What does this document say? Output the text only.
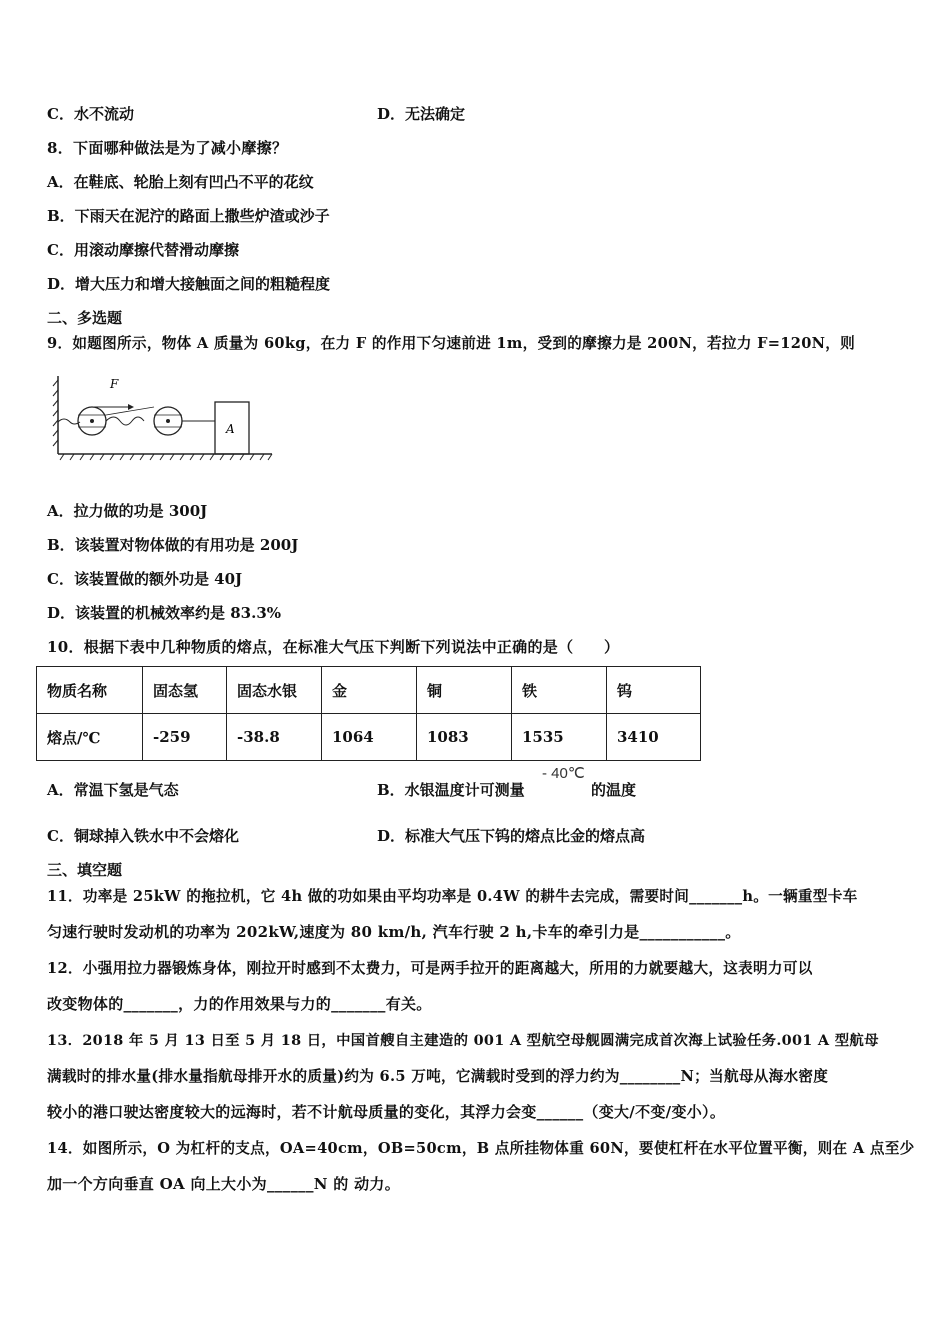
C．水不流动	D．无法确定
8．下面哪种做法是为了减小摩擦？
A．在鞋底、轮胎上刻有凹凸不平的花纹
B．下雨天在泥泞的路面上撒些炉渣或沙子
C．用滚动摩擦代替滑动摩擦
D．增大压力和增大接触面之间的粗糙程度
二、多选题
9．如题图所示，物体 A 质量为 60kg，在力 F 的作用下匀速前进 1m，受到的摩擦力是 200N，若拉力 F=120N，则
F
A
A．拉力做的功是 300J
B．该装置对物体做的有用功是 200J
C．该装置做的额外功是 40J
D．该装置的机械效率约是 83.3%
10．根据下表中几种物质的熔点，在标准大气压下判断下列说法中正确的是（　　）
物质名称	固态氢	固态水银	金	铜	铁	钨
熔点/℃	-259	-38.8	1064	1083	1535	3410
A．常温下氢是气态	B．水银温度计可测量
- 40℃
的温度
C．铜球掉入铁水中不会熔化	D．标准大气压下钨的熔点比金的熔点高
三、填空题
11．功率是 25kW 的拖拉机，它 4h 做的功如果由平均功率是 0.4W 的耕牛去完成，需要时间_______h。一辆重型卡车
匀速行驶时发动机的功率为 202kW,速度为 80 km/h, 汽车行驶 2 h,卡车的牵引力是___________。
12．小强用拉力器锻炼身体，刚拉开时感到不太费力，可是两手拉开的距离越大，所用的力就要越大，这表明力可以
改变物体的_______，力的作用效果与力的_______有关。
13．2018 年 5 月 13 日至 5 月 18 日，中国首艘自主建造的 001 A 型航空母舰圆满完成首次海上试验任务.001 A 型航母
满载时的排水量(排水量指航母排开水的质量)约为 6.5 万吨，它满载时受到的浮力约为________N；当航母从海水密度
较小的港口驶达密度较大的远海时，若不计航母质量的变化，其浮力会变______（变大/不变/变小）。
14．如图所示，O 为杠杆的支点，OA=40cm，OB=50cm，B 点所挂物体重 60N，要使杠杆在水平位置平衡，则在 A 点至少
加一个方向垂直 OA 向上大小为______N 的 动力。
